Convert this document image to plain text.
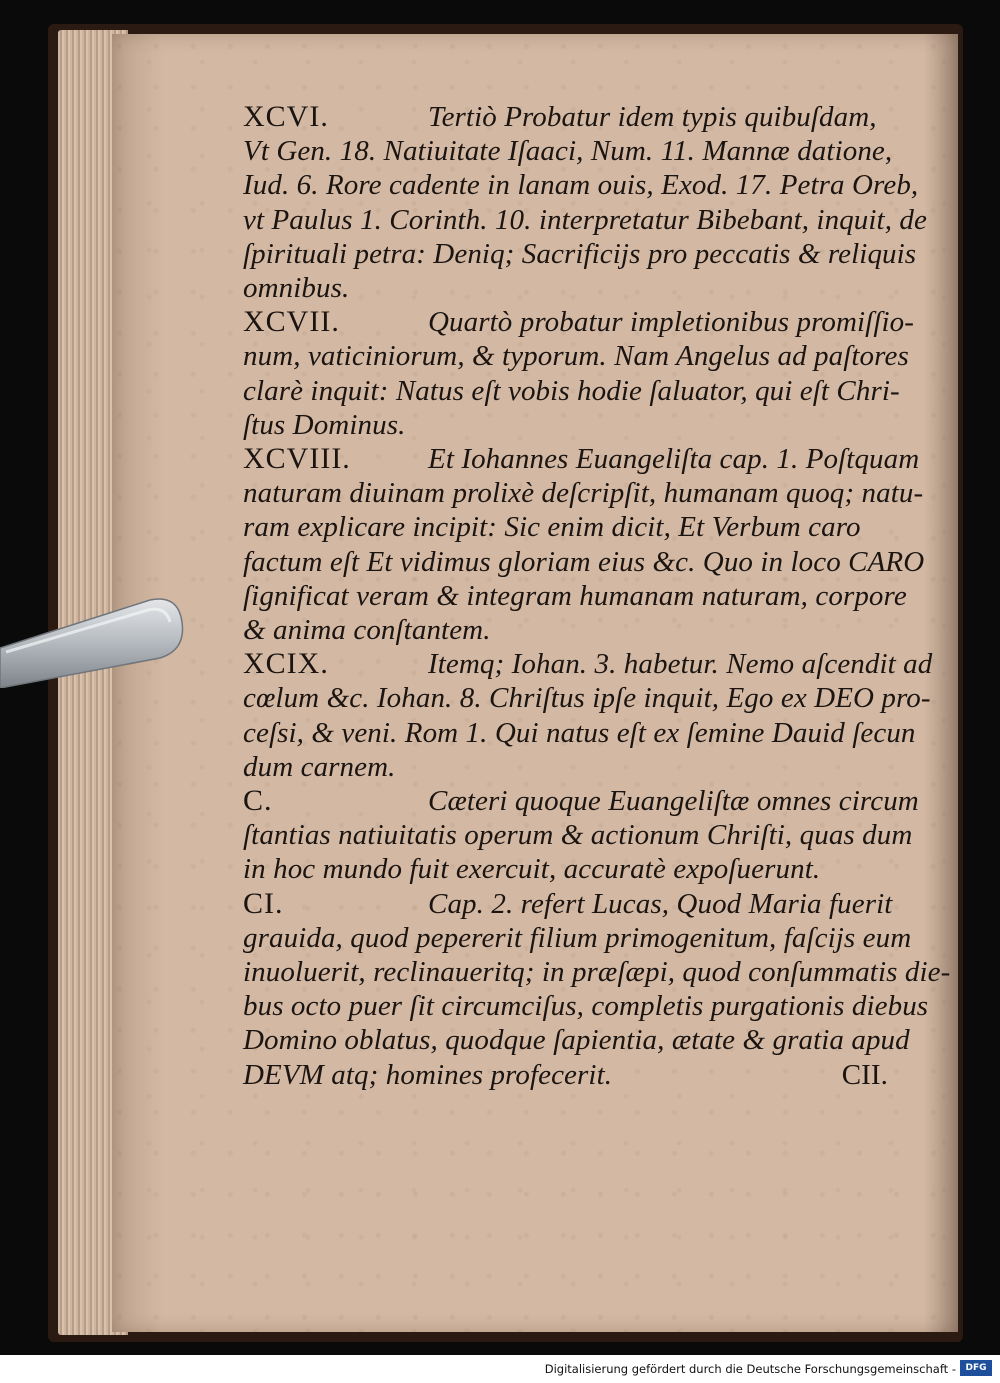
XCVI.	Tertiò Probatur idem typis quibuſdam,
Vt Gen. 18. Natiuitate Iſaaci, Num. 11. Mannæ datione,
Iud. 6. Rore cadente in lanam ouis, Exod. 17. Petra Oreb,
vt Paulus 1. Corinth. 10. interpretatur Bibebant, inquit, de
ſpirituali petra: Deniq; Sacrificijs pro peccatis & reliquis
omnibus.
XCVII.	Quartò probatur impletionibus promiſſio-
num, vaticiniorum, & typorum. Nam Angelus ad paſtores
clarè inquit: Natus eſt vobis hodie ſaluator, qui eſt Chri-
ſtus Dominus.
XCVIII.	Et Iohannes Euangeliſta cap. 1. Poſtquam
naturam diuinam prolixè deſcripſit, humanam quoq; natu-
ram explicare incipit: Sic enim dicit, Et Verbum caro
factum eſt Et vidimus gloriam eius &c. Quo in loco CARO
ſignificat veram & integram humanam naturam, corpore
& anima conſtantem.
XCIX.	Itemq; Iohan. 3. habetur. Nemo aſcendit ad
cœlum &c. Iohan. 8. Chriſtus ipſe inquit, Ego ex DEO pro-
ceſsi, & veni. Rom 1. Qui natus eſt ex ſemine Dauid ſecun
dum carnem.
C.	Cæteri quoque Euangeliſtæ omnes circum
ſtantias natiuitatis operum & actionum Chriſti, quas dum
in hoc mundo fuit exercuit, accuratè expoſuerunt.
CI.	Cap. 2. refert Lucas, Quod Maria fuerit
grauida, quod pepererit filium primogenitum, faſcijs eum
inuoluerit, reclinaueritq; in præſæpi, quod conſummatis die-
bus octo puer ſit circumciſus, completis purgationis diebus
Domino oblatus, quodque ſapientia, ætate & gratia apud
DEVM atq; homines profecerit.	CII.
Digitalisierung gefördert durch die Deutsche Forschungsgemeinschaft -	DFG
